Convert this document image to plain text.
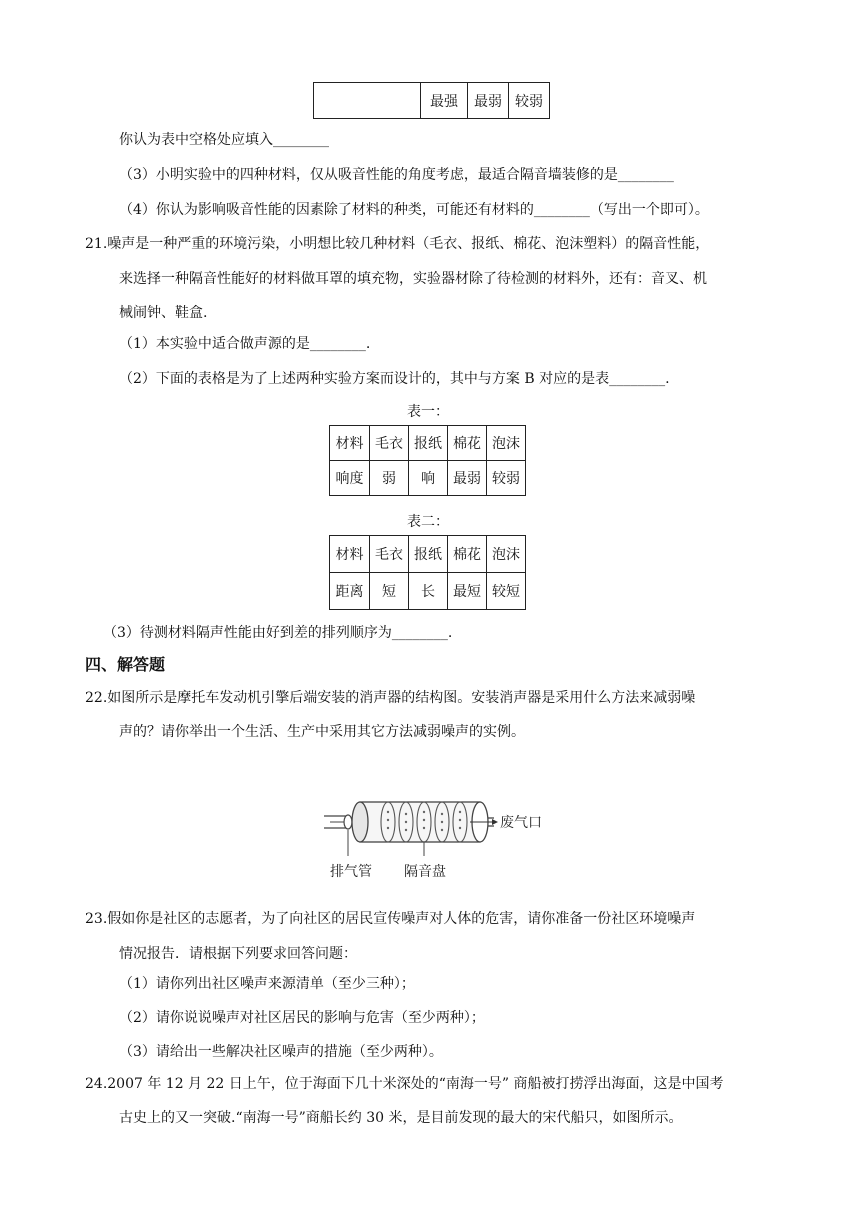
	最强	最弱	较弱
你认为表中空格处应填入________
（3）小明实验中的四种材料，仅从吸音性能的角度考虑，最适合隔音墙装修的是________
（4）你认为影响吸音性能的因素除了材料的种类，可能还有材料的________（写出一个即可）。
21.噪声是一种严重的环境污染，小明想比较几种材料（毛衣、报纸、棉花、泡沫塑料）的隔音性能，
来选择一种隔音性能好的材料做耳罩的填充物，实验器材除了待检测的材料外，还有：音叉、机
械闹钟、鞋盒.
（1）本实验中适合做声源的是________.
（2）下面的表格是为了上述两种实验方案而设计的，其中与方案 B 对应的是表________.
表一：
材料	毛衣	报纸	棉花	泡沫
响度	弱	响	最弱	较弱
表二：
材料	毛衣	报纸	棉花	泡沫
距离	短	长	最短	较短
（3）待测材料隔声性能由好到差的排列顺序为________.
四、解答题
22.如图所示是摩托车发动机引擎后端安装的消声器的结构图。安装消声器是采用什么方法来减弱噪
声的？请你举出一个生活、生产中采用其它方法减弱噪声的实例。
排气管 隔音盘
废气口
23.假如你是社区的志愿者，为了向社区的居民宣传噪声对人体的危害，请你准备一份社区环境噪声
情况报告．请根据下列要求回答问题：
（1）请你列出社区噪声来源清单（至少三种）；
（2）请你说说噪声对社区居民的影响与危害（至少两种）；
（3）请给出一些解决社区噪声的措施（至少两种）。
24.2007 年 12 月 22 日上午，位于海面下几十米深处的“南海一号” 商船被打捞浮出海面，这是中国考
古史上的又一突破.“南海一号”商船长约 30 米，是目前发现的最大的宋代船只，如图所示。
